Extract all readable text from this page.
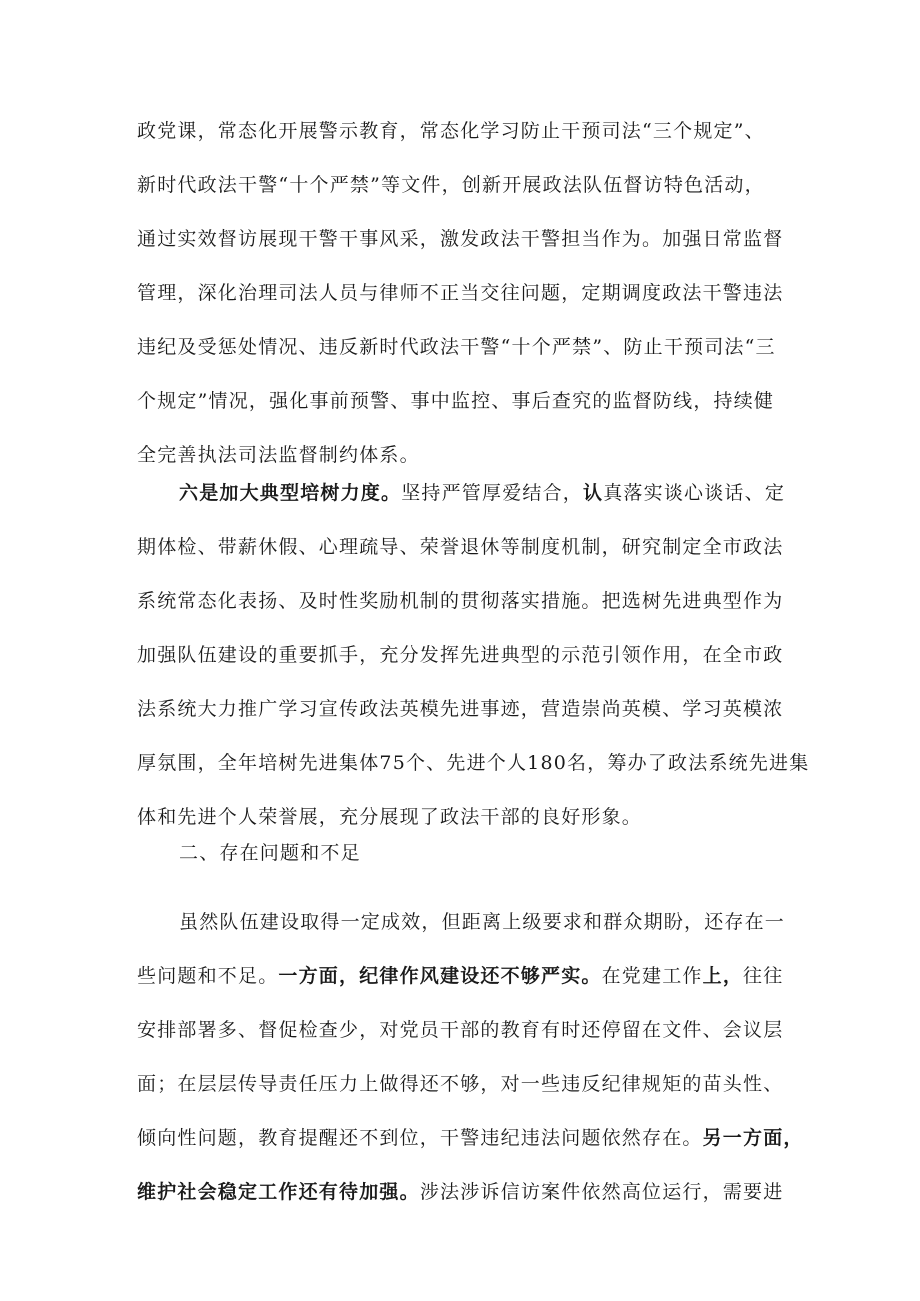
政党课，常态化开展警示教育，常态化学习防止干预司法“三个规定”、
新时代政法干警“十个严禁”等文件，创新开展政法队伍督访特色活动，
通过实效督访展现干警干事风采，激发政法干警担当作为。加强日常监督
管理，深化治理司法人员与律师不正当交往问题，定期调度政法干警违法
违纪及受惩处情况、违反新时代政法干警“十个严禁”、防止干预司法“三
个规定”情况，强化事前预警、事中监控、事后查究的监督防线，持续健
全完善执法司法监督制约体系。
六是加大典型培树力度。坚持严管厚爱结合，认真落实谈心谈话、定
期体检、带薪休假、心理疏导、荣誉退休等制度机制，研究制定全市政法
系统常态化表扬、及时性奖励机制的贯彻落实措施。把选树先进典型作为
加强队伍建设的重要抓手，充分发挥先进典型的示范引领作用，在全市政
法系统大力推广学习宣传政法英模先进事迹，营造崇尚英模、学习英模浓
厚氛围，全年培树先进集体75个、先进个人180名，筹办了政法系统先进集
体和先进个人荣誉展，充分展现了政法干部的良好形象。
二、存在问题和不足
虽然队伍建设取得一定成效，但距离上级要求和群众期盼，还存在一
些问题和不足。一方面，纪律作风建设还不够严实。在党建工作上，往往
安排部署多、督促检查少，对党员干部的教育有时还停留在文件、会议层
面；在层层传导责任压力上做得还不够，对一些违反纪律规矩的苗头性、
倾向性问题，教育提醒还不到位，干警违纪违法问题依然存在。另一方面，
维护社会稳定工作还有待加强。涉法涉诉信访案件依然高位运行，需要进
